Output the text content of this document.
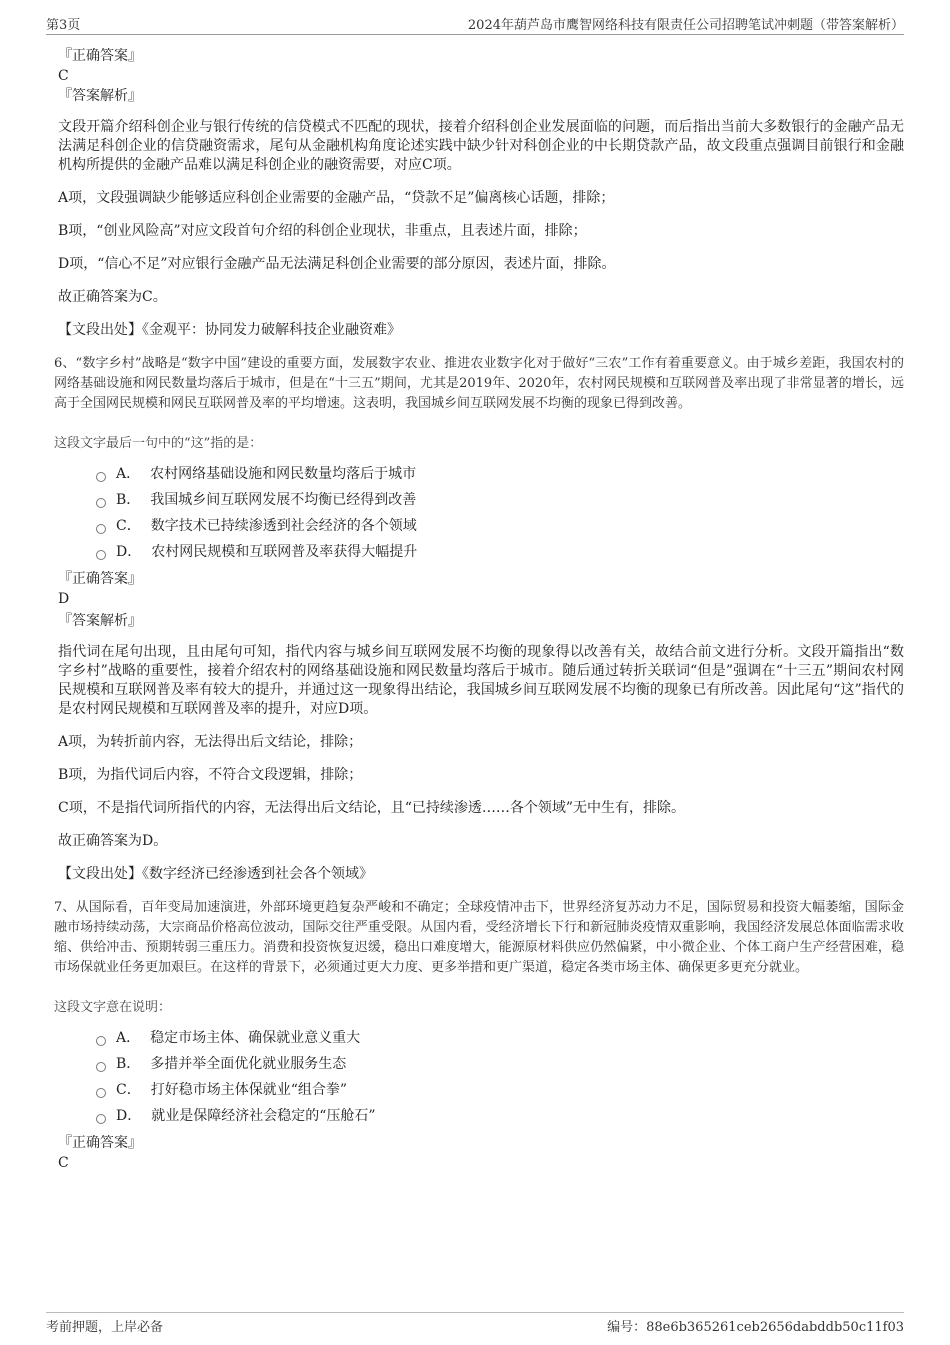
第3页	2024年葫芦岛市鹰智网络科技有限责任公司招聘笔试冲刺题（带答案解析）
『正确答案』
C
『答案解析』

文段开篇介绍科创企业与银行传统的信贷模式不匹配的现状，接着介绍科创企业发展面临的问题，而后指出当前大多数银行的金融产品无法满足科创企业的信贷融资需求，尾句从金融机构角度论述实践中缺少针对科创企业的中长期贷款产品，故文段重点强调目前银行和金融机构所提供的金融产品难以满足科创企业的融资需要，对应C项。

A项，文段强调缺少能够适应科创企业需要的金融产品，“贷款不足”偏离核心话题，排除；

B项，“创业风险高”对应文段首句介绍的科创企业现状，非重点，且表述片面，排除；

D项，“信心不足”对应银行金融产品无法满足科创企业需要的部分原因，表述片面，排除。

故正确答案为C。

【文段出处】《金观平：协同发力破解科技企业融资难》

6、“数字乡村”战略是“数字中国”建设的重要方面，发展数字农业、推进农业数字化对于做好“三农”工作有着重要意义。由于城乡差距，我国农村的网络基础设施和网民数量均落后于城市，但是在“十三五”期间，尤其是2019年、2020年，农村网民规模和互联网普及率出现了非常显著的增长，远高于全国网民规模和网民互联网普及率的平均增速。这表明，我国城乡间互联网发展不均衡的现象已得到改善。

这段文字最后一句中的“这”指的是：

A． 农村网络基础设施和网民数量均落后于城市
B． 我国城乡间互联网发展不均衡已经得到改善
C． 数字技术已持续渗透到社会经济的各个领域
D． 农村网民规模和互联网普及率获得大幅提升
『正确答案』
D
『答案解析』

指代词在尾句出现，且由尾句可知，指代内容与城乡间互联网发展不均衡的现象得以改善有关，故结合前文进行分析。文段开篇指出“数字乡村”战略的重要性，接着介绍农村的网络基础设施和网民数量均落后于城市。随后通过转折关联词“但是”强调在“十三五”期间农村网民规模和互联网普及率有较大的提升，并通过这一现象得出结论，我国城乡间互联网发展不均衡的现象已有所改善。因此尾句“这”指代的是农村网民规模和互联网普及率的提升，对应D项。

A项，为转折前内容，无法得出后文结论，排除；

B项，为指代词后内容，不符合文段逻辑，排除；

C项，不是指代词所指代的内容，无法得出后文结论，且“已持续渗透……各个领域”无中生有，排除。

故正确答案为D。

【文段出处】《数字经济已经渗透到社会各个领域》

7、从国际看，百年变局加速演进，外部环境更趋复杂严峻和不确定；全球疫情冲击下，世界经济复苏动力不足，国际贸易和投资大幅萎缩，国际金融市场持续动荡，大宗商品价格高位波动，国际交往严重受限。从国内看，受经济增长下行和新冠肺炎疫情双重影响，我国经济发展总体面临需求收缩、供给冲击、预期转弱三重压力。消费和投资恢复迟缓，稳出口难度增大，能源原材料供应仍然偏紧，中小微企业、个体工商户生产经营困难，稳市场保就业任务更加艰巨。在这样的背景下，必须通过更大力度、更多举措和更广渠道，稳定各类市场主体、确保更多更充分就业。

这段文字意在说明：

A． 稳定市场主体、确保就业意义重大
B． 多措并举全面优化就业服务生态
C． 打好稳市场主体保就业“组合拳”
D． 就业是保障经济社会稳定的“压舱石”
『正确答案』
C
考前押题，上岸必备	编号：88e6b365261ceb2656dabddb50c11f03
